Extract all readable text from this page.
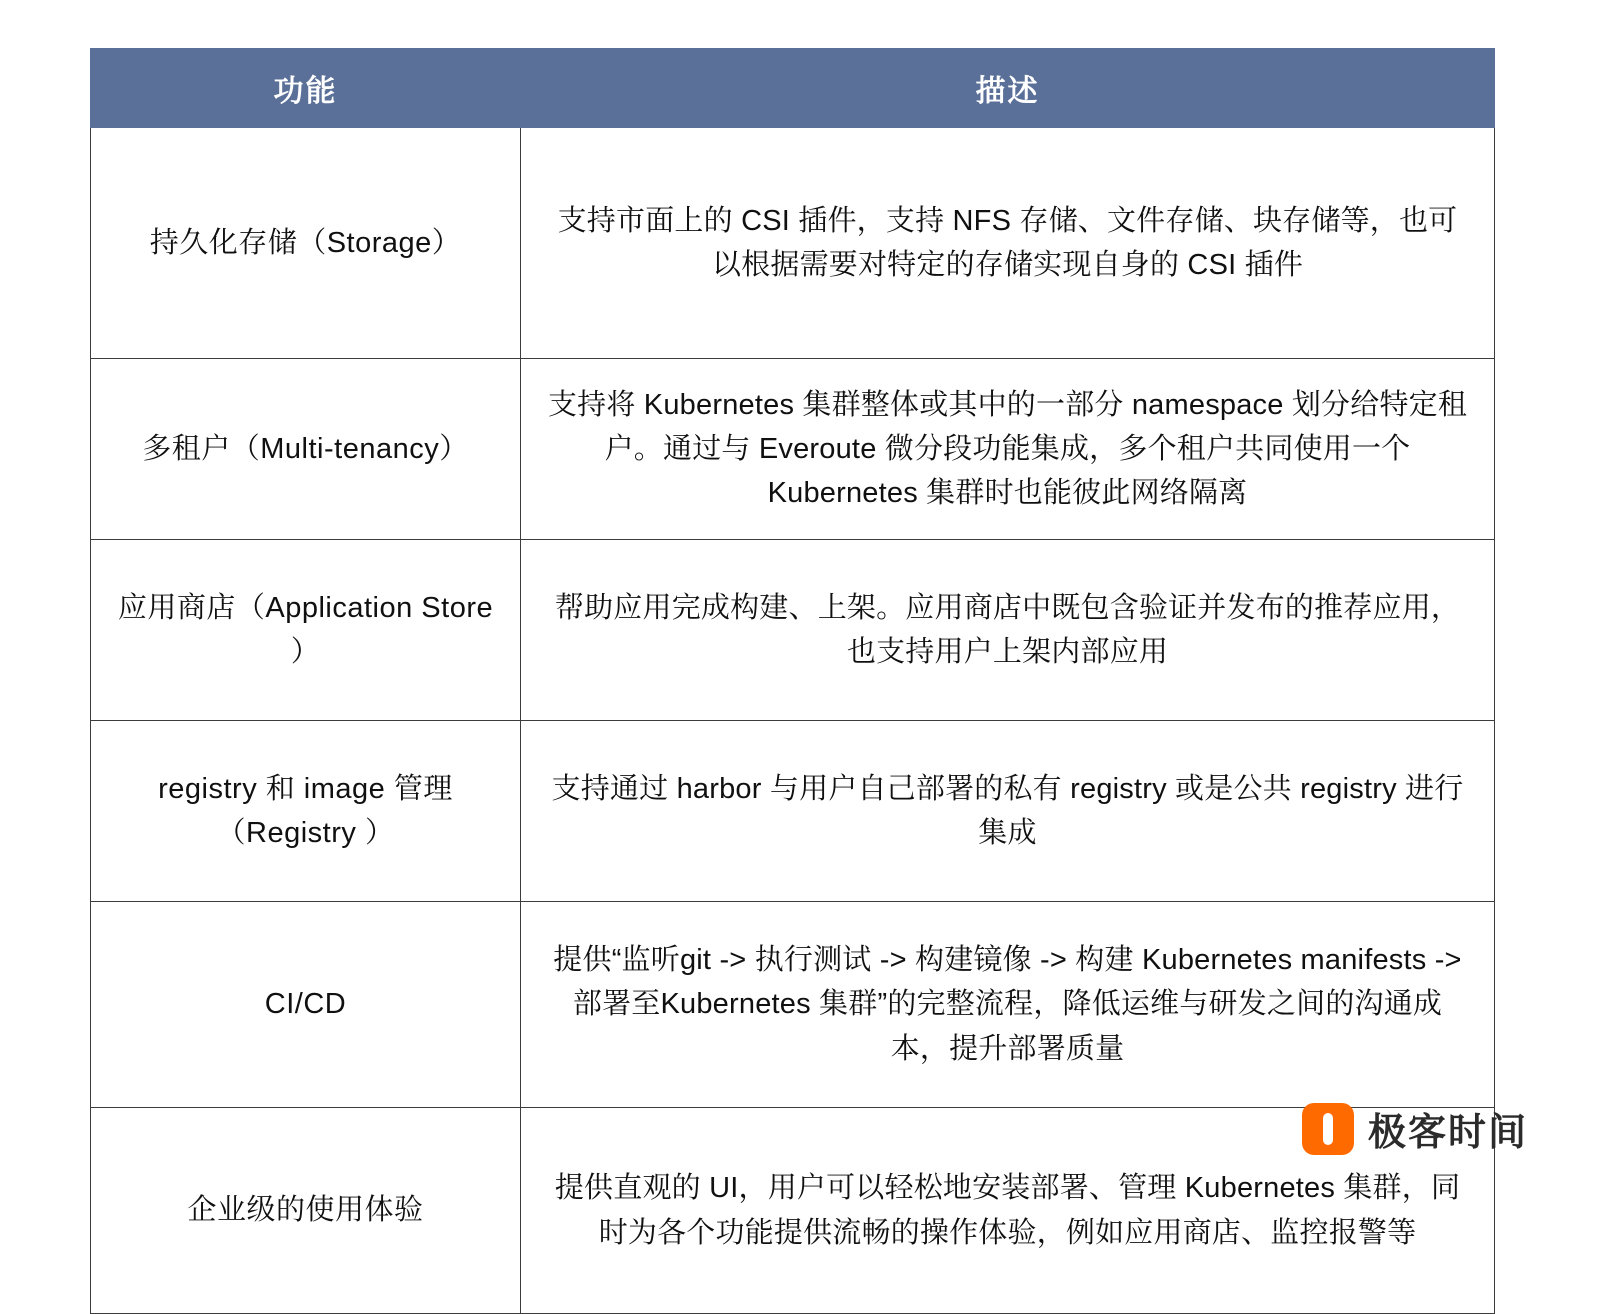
功能	描述
持久化存储（Storage）	支持市面上的 CSI 插件，支持 NFS 存储、文件存储、块存储等，也可以根据需要对特定的存储实现自身的 CSI 插件
多租户（Multi-tenancy）	支持将 Kubernetes 集群整体或其中的一部分 namespace 划分给特定租户。通过与 Everoute 微分段功能集成，多个租户共同使用一个 Kubernetes 集群时也能彼此网络隔离
应用商店（Application Store ）	帮助应用完成构建、上架。应用商店中既包含验证并发布的推荐应用，也支持用户上架内部应用
registry 和 image 管理（Registry ）	支持通过 harbor 与用户自己部署的私有 registry 或是公共 registry 进行集成
CI/CD	提供“监听git -> 执行测试 -> 构建镜像 -> 构建 Kubernetes manifests -> 部署至Kubernetes 集群”的完整流程，降低运维与研发之间的沟通成本，提升部署质量
企业级的使用体验	提供直观的 UI，用户可以轻松地安装部署、管理 Kubernetes 集群，同时为各个功能提供流畅的操作体验，例如应用商店、监控报警等
极客时间
